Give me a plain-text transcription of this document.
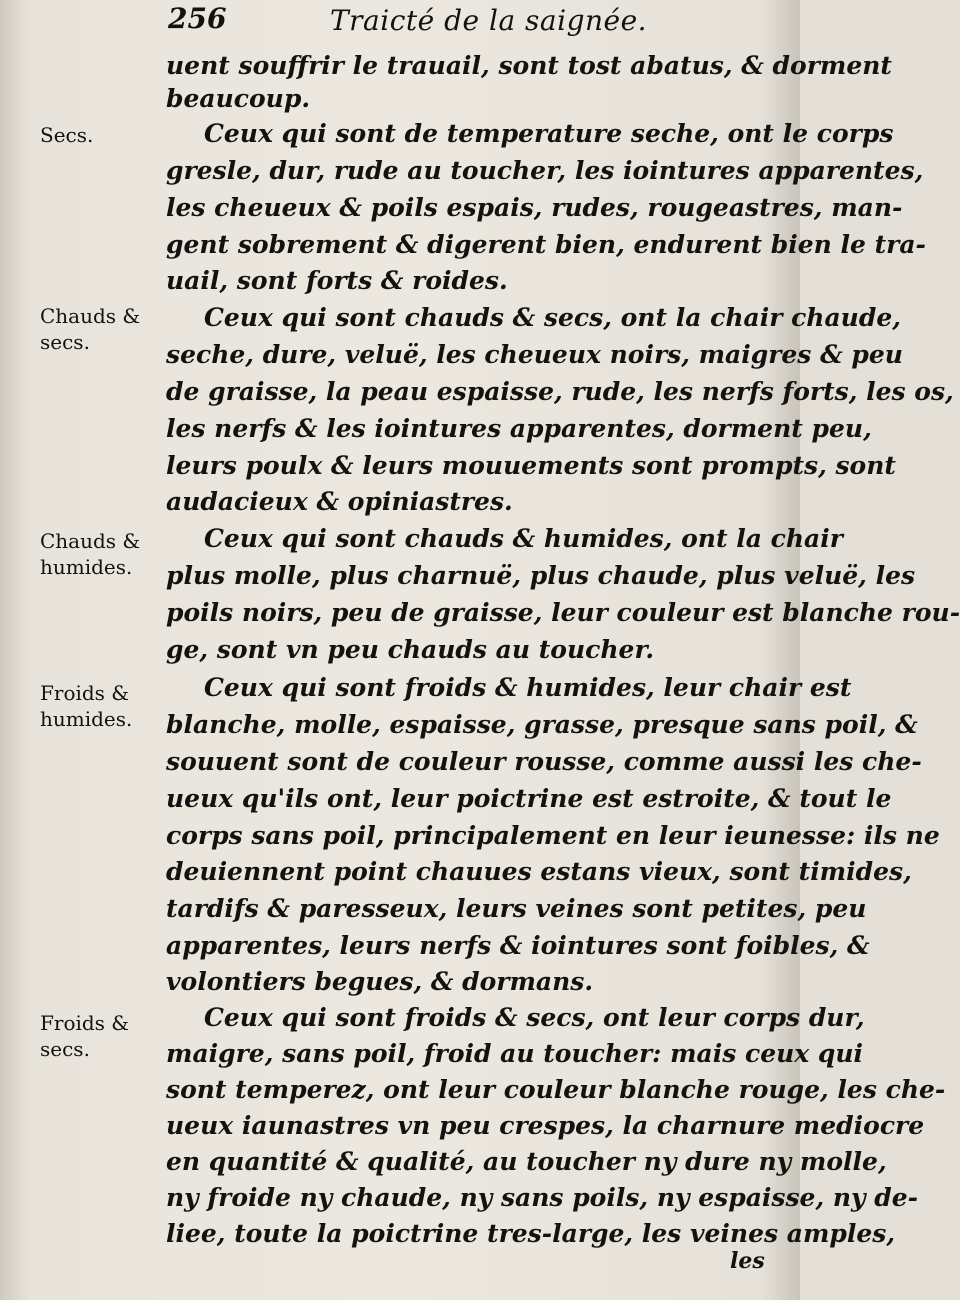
256	Traicté de la saignée.
Secs.
Chauds &
secs.
Chauds &
humides.
Froids &
humides.
Froids &
secs.
uent souffrir le trauail, sont tost abatus, & dorment
beaucoup.
Ceux qui sont de temperature seche, ont le corps
gresle, dur, rude au toucher, les iointures apparentes,
les cheueux & poils espais, rudes, rougeastres, man-
gent sobrement & digerent bien, endurent bien le tra-
uail, sont forts & roides.
Ceux qui sont chauds & secs, ont la chair chaude,
seche, dure, veluë, les cheueux noirs, maigres & peu
de graisse, la peau espaisse, rude, les nerfs forts, les os,
les nerfs & les iointures apparentes, dorment peu,
leurs poulx & leurs mouuements sont prompts, sont
audacieux & opiniastres.
Ceux qui sont chauds & humides, ont la chair
plus molle, plus charnuë, plus chaude, plus veluë, les
poils noirs, peu de graisse, leur couleur est blanche rou-
ge, sont vn peu chauds au toucher.
Ceux qui sont froids & humides, leur chair est
blanche, molle, espaisse, grasse, presque sans poil, &
souuent sont de couleur rousse, comme aussi les che-
ueux qu'ils ont, leur poictrine est estroite, & tout le
corps sans poil, principalement en leur ieunesse: ils ne
deuiennent point chauues estans vieux, sont timides,
tardifs & paresseux, leurs veines sont petites, peu
apparentes, leurs nerfs & iointures sont foibles, &
volontiers begues, & dormans.
Ceux qui sont froids & secs, ont leur corps dur,
maigre, sans poil, froid au toucher: mais ceux qui
sont temperez, ont leur couleur blanche rouge, les che-
ueux iaunastres vn peu crespes, la charnure mediocre
en quantité & qualité, au toucher ny dure ny molle,
ny froide ny chaude, ny sans poils, ny espaisse, ny de-
liee, toute la poictrine tres-large, les veines amples,
les
